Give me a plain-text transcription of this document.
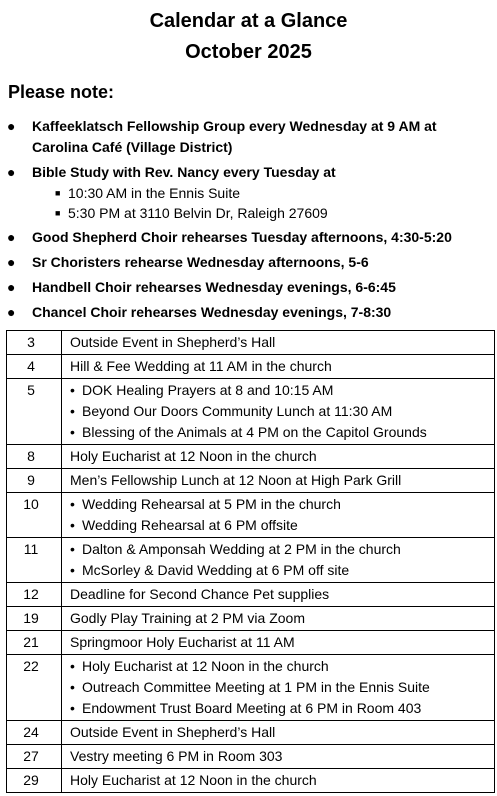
Calendar at a Glance
October 2025
Please note:
● Kaffeeklatsch Fellowship Group every Wednesday at 9 AM at Carolina Café (Village District)
● Bible Study with Rev. Nancy every Tuesday at
■ 10:30 AM in the Ennis Suite
■ 5:30 PM at 3110 Belvin Dr, Raleigh 27609
● Good Shepherd Choir rehearses Tuesday afternoons, 4:30-5:20
● Sr Choristers rehearse Wednesday afternoons, 5-6
● Handbell Choir rehearses Wednesday evenings, 6-6:45
● Chancel Choir rehearses Wednesday evenings, 7-8:30
3	Outside Event in Shepherd’s Hall

4	Hill & Fee Wedding at 11 AM in the church

5	• DOK Healing Prayers at 8 and 10:15 AM
• Beyond Our Doors Community Lunch at 11:30 AM
• Blessing of the Animals at 4 PM on the Capitol Grounds

8	Holy Eucharist at 12 Noon in the church

9	Men’s Fellowship Lunch at 12 Noon at High Park Grill

10	• Wedding Rehearsal at 5 PM in the church
• Wedding Rehearsal at 6 PM offsite

11	• Dalton & Amponsah Wedding at 2 PM in the church
• McSorley & David Wedding at 6 PM off site

12	Deadline for Second Chance Pet supplies

19	Godly Play Training at 2 PM via Zoom

21	Springmoor Holy Eucharist at 11 AM

22	• Holy Eucharist at 12 Noon in the church
• Outreach Committee Meeting at 1 PM in the Ennis Suite
• Endowment Trust Board Meeting at 6 PM in Room 403

24	Outside Event in Shepherd’s Hall

27	Vestry meeting 6 PM in Room 303

29	Holy Eucharist at 12 Noon in the church
